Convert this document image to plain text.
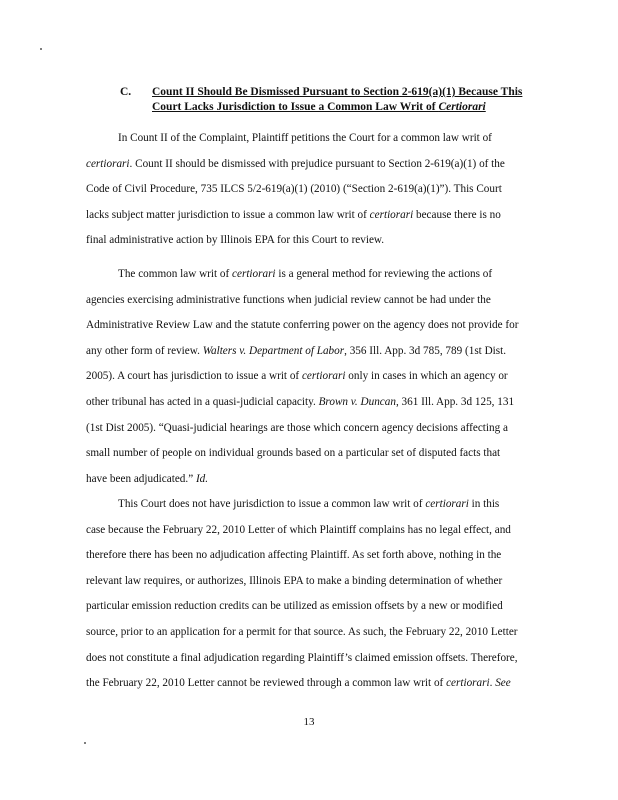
C. Count II Should Be Dismissed Pursuant to Section 2-619(a)(1) Because This
Court Lacks Jurisdiction to Issue a Common Law Writ of Certiorari
In Count II of the Complaint, Plaintiff petitions the Court for a common law writ of
certiorari. Count II should be dismissed with prejudice pursuant to Section 2-619(a)(1) of the
Code of Civil Procedure, 735 ILCS 5/2-619(a)(1) (2010) (“Section 2-619(a)(1)”). This Court
lacks subject matter jurisdiction to issue a common law writ of certiorari because there is no
final administrative action by Illinois EPA for this Court to review.
The common law writ of certiorari is a general method for reviewing the actions of
agencies exercising administrative functions when judicial review cannot be had under the
Administrative Review Law and the statute conferring power on the agency does not provide for
any other form of review. Walters v. Department of Labor, 356 Ill. App. 3d 785, 789 (1st Dist.
2005). A court has jurisdiction to issue a writ of certiorari only in cases in which an agency or
other tribunal has acted in a quasi-judicial capacity. Brown v. Duncan, 361 Ill. App. 3d 125, 131
(1st Dist 2005). “Quasi-judicial hearings are those which concern agency decisions affecting a
small number of people on individual grounds based on a particular set of disputed facts that
have been adjudicated.” Id.
This Court does not have jurisdiction to issue a common law writ of certiorari in this
case because the February 22, 2010 Letter of which Plaintiff complains has no legal effect, and
therefore there has been no adjudication affecting Plaintiff. As set forth above, nothing in the
relevant law requires, or authorizes, Illinois EPA to make a binding determination of whether
particular emission reduction credits can be utilized as emission offsets by a new or modified
source, prior to an application for a permit for that source. As such, the February 22, 2010 Letter
does not constitute a final adjudication regarding Plaintiff’s claimed emission offsets. Therefore,
the February 22, 2010 Letter cannot be reviewed through a common law writ of certiorari. See
13
